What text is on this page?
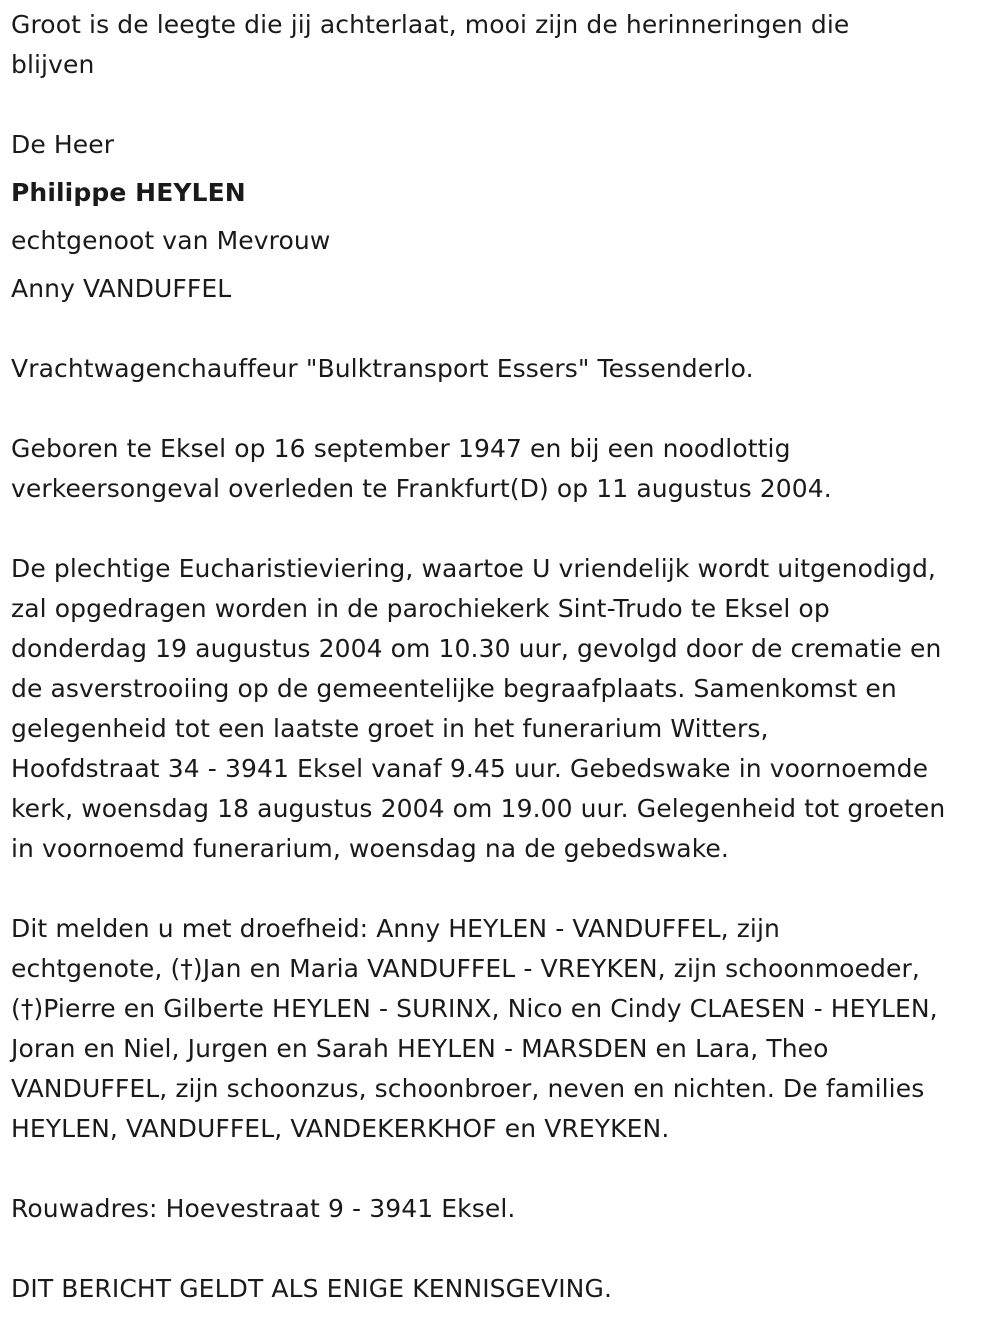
Groot is de leegte die jij achterlaat, mooi zijn de herinneringen die
blijven
De Heer
Philippe HEYLEN
echtgenoot van Mevrouw
Anny VANDUFFEL
Vrachtwagenchauffeur "Bulktransport Essers" Tessenderlo.
Geboren te Eksel op 16 september 1947 en bij een noodlottig
verkeersongeval overleden te Frankfurt(D) op 11 augustus 2004.
De plechtige Eucharistieviering, waartoe U vriendelijk wordt uitgenodigd,
zal opgedragen worden in de parochiekerk Sint-Trudo te Eksel op
donderdag 19 augustus 2004 om 10.30 uur, gevolgd door de crematie en
de asverstrooiing op de gemeentelijke begraafplaats. Samenkomst en
gelegenheid tot een laatste groet in het funerarium Witters,
Hoofdstraat 34 - 3941 Eksel vanaf 9.45 uur. Gebedswake in voornoemde
kerk, woensdag 18 augustus 2004 om 19.00 uur. Gelegenheid tot groeten
in voornoemd funerarium, woensdag na de gebedswake.
Dit melden u met droefheid: Anny HEYLEN - VANDUFFEL, zijn
echtgenote, (†)Jan en Maria VANDUFFEL - VREYKEN, zijn schoonmoeder,
(†)Pierre en Gilberte HEYLEN - SURINX, Nico en Cindy CLAESEN - HEYLEN,
Joran en Niel, Jurgen en Sarah HEYLEN - MARSDEN en Lara, Theo
VANDUFFEL, zijn schoonzus, schoonbroer, neven en nichten. De families
HEYLEN, VANDUFFEL, VANDEKERKHOF en VREYKEN.
Rouwadres: Hoevestraat 9 - 3941 Eksel.
DIT BERICHT GELDT ALS ENIGE KENNISGEVING.
